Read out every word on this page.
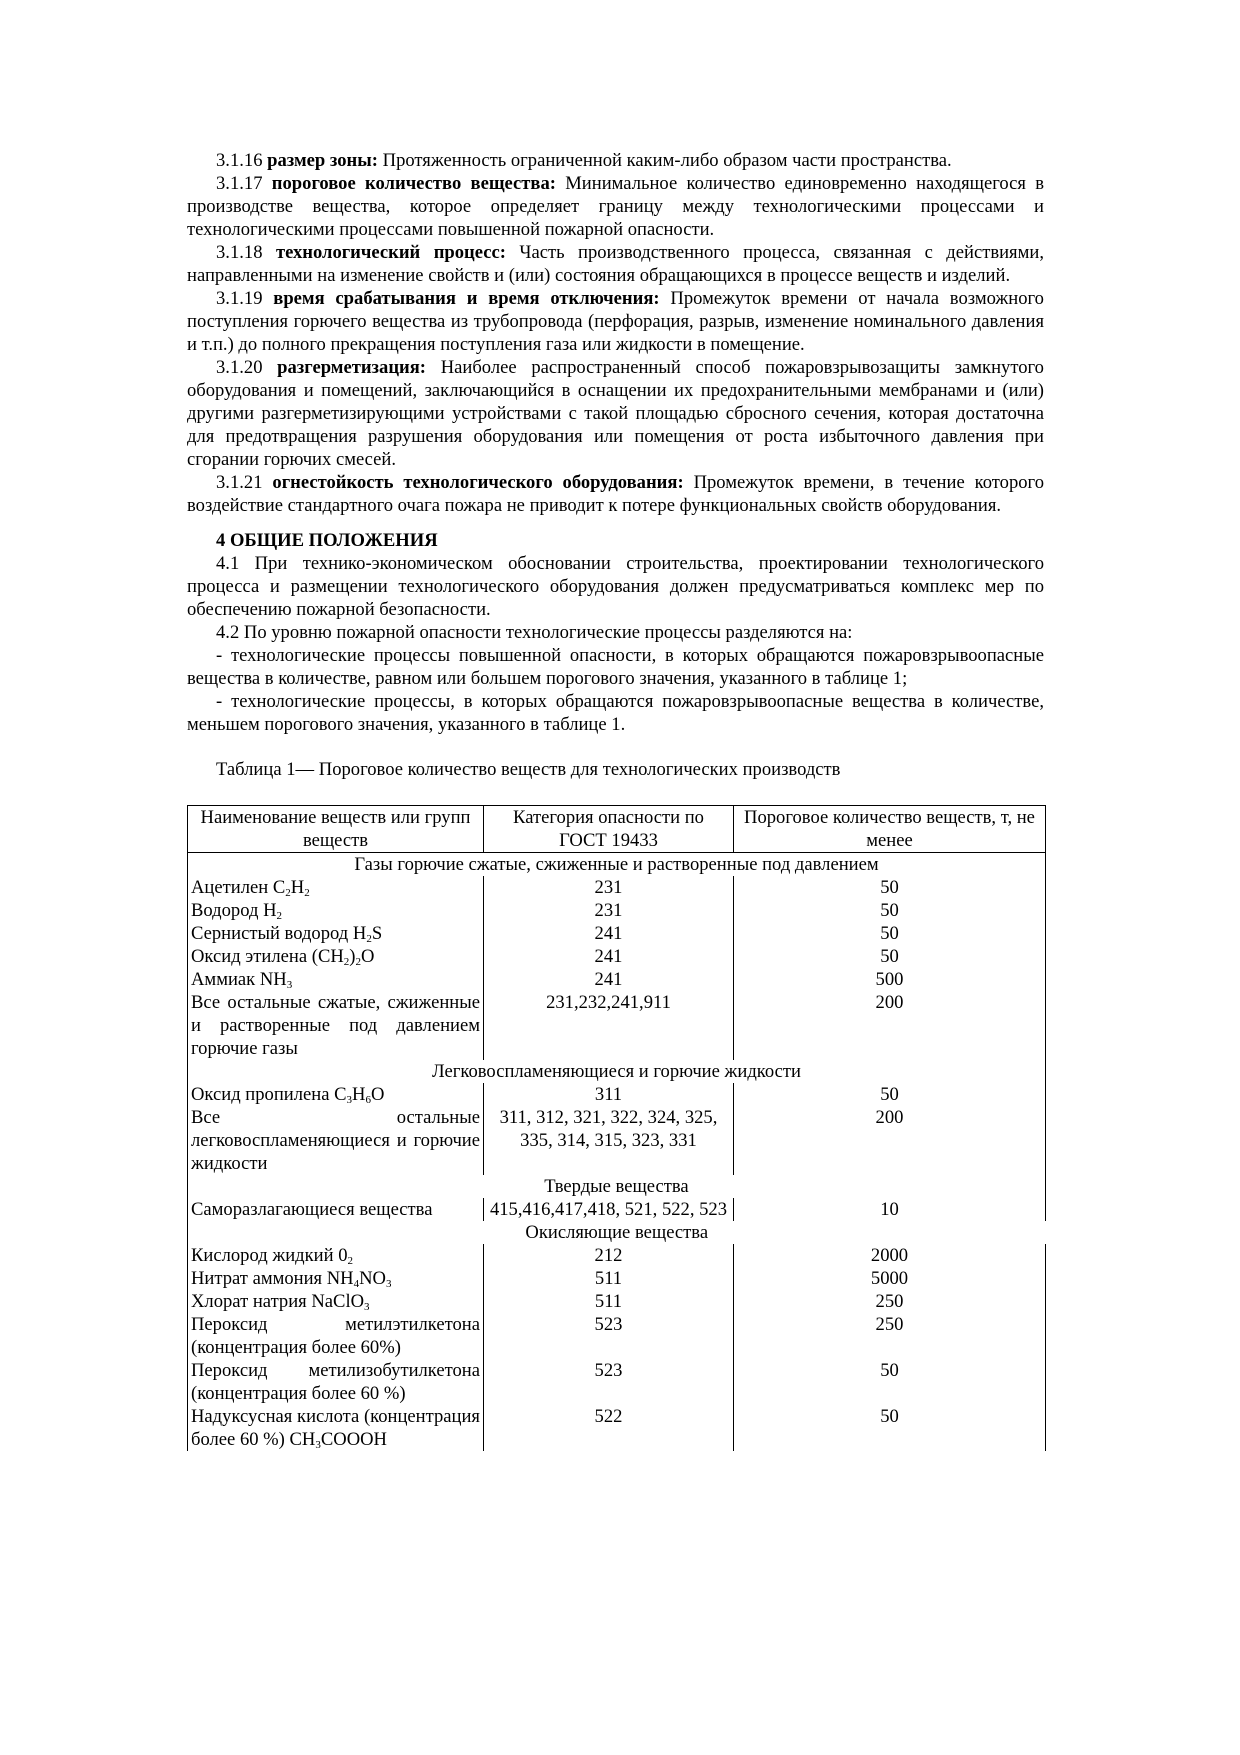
3.1.16 размер зоны: Протяженность ограниченной каким-либо образом части пространства.

3.1.17 пороговое количество вещества: Минимальное количество единовременно находящегося в производстве вещества, которое определяет границу между технологическими процессами и технологическими процессами повышенной пожарной опасности.

3.1.18 технологический процесс: Часть производственного процесса, связанная с действиями, направленными на изменение свойств и (или) состояния обращающихся в процессе веществ и изделий.

3.1.19 время срабатывания и время отключения: Промежуток времени от начала возможного поступления горючего вещества из трубопровода (перфорация, разрыв, изменение номинального давления и т.п.) до полного прекращения поступления газа или жидкости в помещение.

3.1.20 разгерметизация: Наиболее распространенный способ пожаровзрывозащиты замкнутого оборудования и помещений, заключающийся в оснащении их предохранительными мембранами и (или) другими разгерметизирующими устройствами с такой площадью сбросного сечения, которая достаточна для предотвращения разрушения оборудования или помещения от роста избыточного давления при сгорании горючих смесей.

3.1.21 огнестойкость технологического оборудования: Промежуток времени, в течение которого воздействие стандартного очага пожара не приводит к потере функциональных свойств оборудования.

4 ОБЩИЕ ПОЛОЖЕНИЯ

4.1 При технико-экономическом обосновании строительства, проектировании технологического процесса и размещении технологического оборудования должен предусматриваться комплекс мер по обеспечению пожарной безопасности.

4.2 По уровню пожарной опасности технологические процессы разделяются на:

- технологические процессы повышенной опасности, в которых обращаются пожаровзрывоопасные вещества в количестве, равном или большем порогового значения, указанного в таблице 1;

- технологические процессы, в которых обращаются пожаровзрывоопасные вещества в количестве, меньшем порогового значения, указанного в таблице 1.

Таблица 1— Пороговое количество веществ для технологических производств

Наименование веществ или групп веществ	Категория опасности по ГОСТ 19433	Пороговое количество веществ, т, не менее
Газы горючие сжатые, сжиженные и растворенные под давлением		
Ацетилен $C_2H_2$	231	50
Водород $H_2$	231	50
Сернистый водород $H_2S$	241	50
Оксид этилена $(CH_2)_2O$	241	50
Аммиак $NH_3$	241	500
Все остальные сжатые, сжиженные и растворенные под давлением горючие газы	231,232,241,911	200
Легковоспламеняющиеся и горючие жидкости		
Оксид пропилена $C_3H_6O$	311	50
Все остальные легковоспламеняющиеся и горючие жидкости	311, 312, 321, 322, 324, 325, 335, 314, 315, 323, 331	200
Твердые вещества		
Саморазлагающиеся вещества	415,416,417,418, 521, 522, 523	10
Окисляющие вещества		
Кислород жидкий $0_2$	212	2000
Нитрат аммония $NH_4NO_3$	511	5000
Хлорат натрия NaClO$_3$	511	250
Пероксид метилэтилкетона (концентрация более 60%)	523	250
Пероксид метилизобутилкетона (концентрация более 60 %)	523	50
Надуксусная кислота (концентрация более 60 %) $CH_3COOOH$	522	50
